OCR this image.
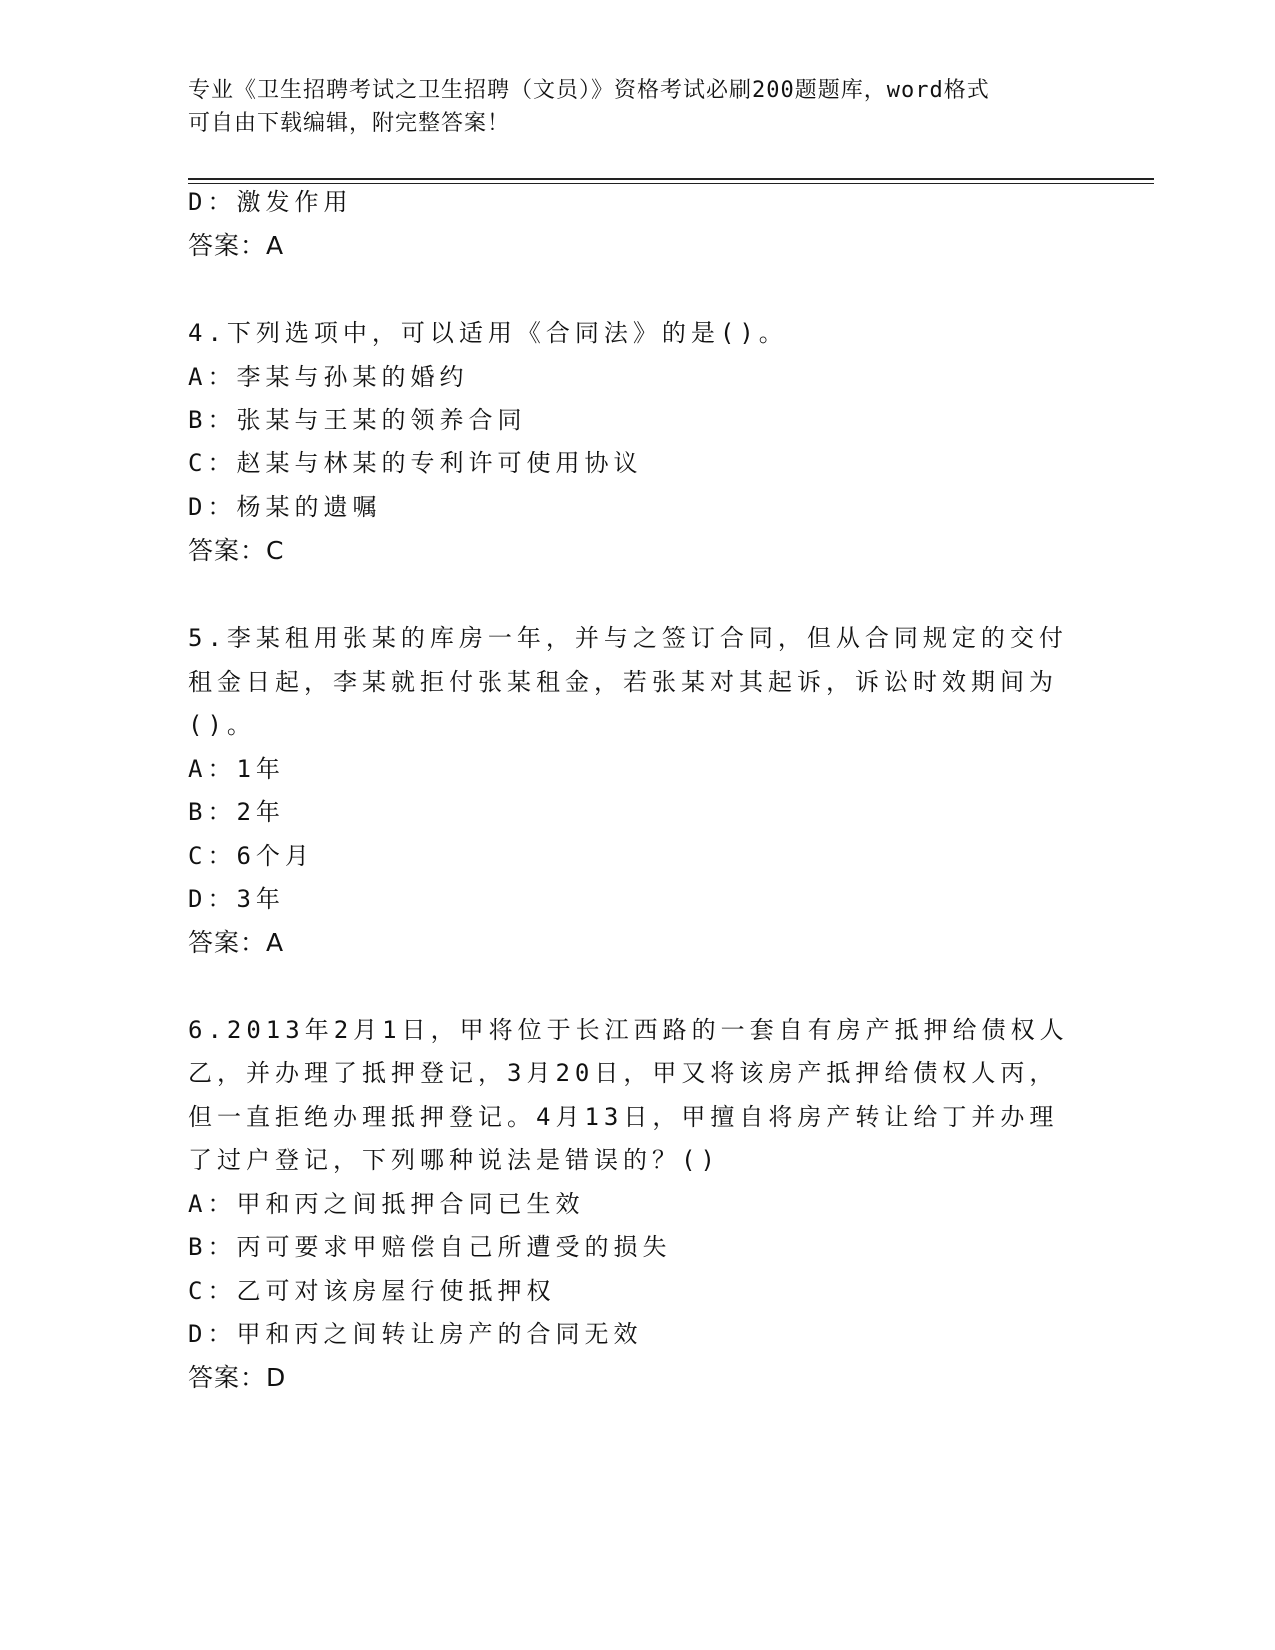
专业《卫生招聘考试之卫生招聘（文员）》资格考试必刷200题题库，word格式
可自由下载编辑，附完整答案！
D：激发作用
答案：A
4.下列选项中，可以适用《合同法》的是()。
A：李某与孙某的婚约
B：张某与王某的领养合同
C：赵某与林某的专利许可使用协议
D：杨某的遗嘱
答案：C
5.李某租用张某的库房一年，并与之签订合同，但从合同规定的交付
租金日起，李某就拒付张某租金，若张某对其起诉，诉讼时效期间为
()。
A：1年
B：2年
C：6个月
D：3年
答案：A
6.2013年2月1日，甲将位于长江西路的一套自有房产抵押给债权人
乙，并办理了抵押登记，3月20日，甲又将该房产抵押给债权人丙，
但一直拒绝办理抵押登记。4月13日，甲擅自将房产转让给丁并办理
了过户登记，下列哪种说法是错误的？()
A：甲和丙之间抵押合同已生效
B：丙可要求甲赔偿自己所遭受的损失
C：乙可对该房屋行使抵押权
D：甲和丙之间转让房产的合同无效
答案：D
